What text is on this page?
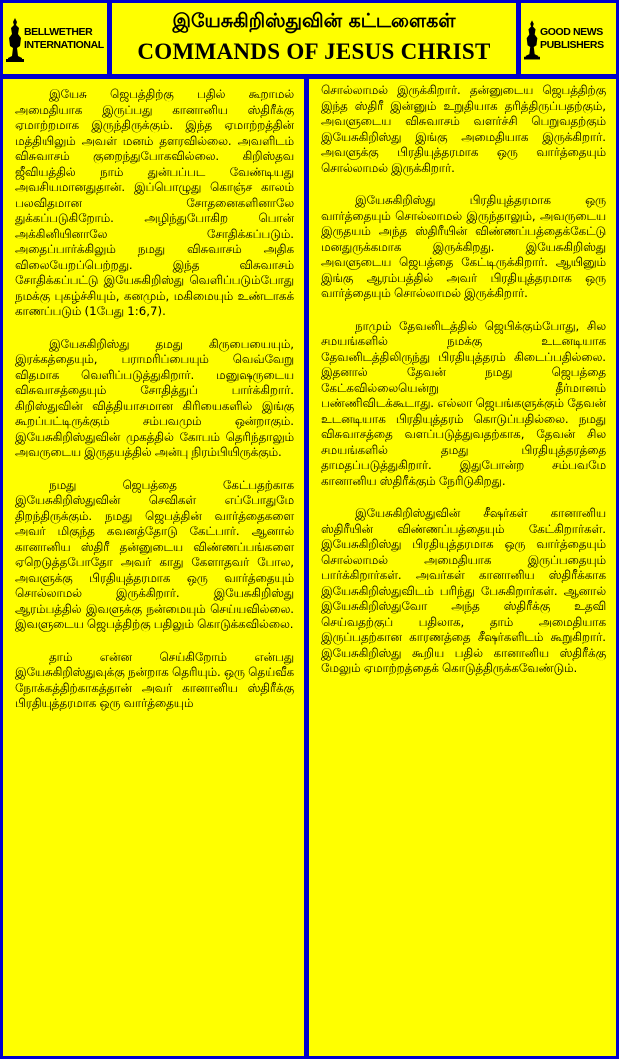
BELLWETHER
INTERNATIONAL
இயேசுகிறிஸ்துவின் கட்டளைகள்
COMMANDS OF JESUS CHRIST
GOOD NEWS
PUBLISHERS

இயேசு ஜெபத்திற்கு பதில் கூறாமல் அமைதியாக இருப்பது கானானிய ஸ்திரீக்கு ஏமாற்றமாக இருந்திருக்கும். இந்த ஏமாற்றத்தின் மத்தியிலும் அவள் மனம் தளரவில்லை. அவளிடம் விசுவாசம் குறைந்துபோகவில்லை. கிறிஸ்தவ ஜீவியத்தில் நாம் துன்பப்பட வேண்டியது அவசியமானதுதான். இப்பொழுது கொஞ்ச காலம் பலவிதமான சோதனைகளினாலே துக்கப்படுகிறோம். அழிந்துபோகிற பொன் அக்கினியினாலே சோதிக்கப்படும். அதைப்பார்க்கிலும் நமது விசுவாசம் அதிக விலையேறப்பெற்றது. இந்த விசுவாசம் சோதிக்கப்பட்டு இயேசுகிறிஸ்து வெளிப்படும்போது நமக்கு புகழ்ச்சியும், கனமும், மகிமையும் உண்டாகக் காணப்படும் (1பேது 1:6,7).

இயேசுகிறிஸ்து தமது கிருபையையும், இரக்கத்தையும், பராமரிப்பையும் வெவ்வேறு விதமாக வெளிப்படுத்துகிறார். மனுஷருடைய விசுவாசத்தையும் சோதித்துப் பார்க்கிறார். கிறிஸ்துவின் வித்தியாசமான கிரியைகளில் இங்கு கூறப்பட்டிருக்கும் சம்பவமும் ஒன்றாகும். இயேசுகிறிஸ்துவின் முகத்தில் கோபம் தெரிந்தாலும் அவருடைய இருதயத்தில் அன்பு நிரம்பியிருக்கும்.

நமது ஜெபத்தை கேட்பதற்காக இயேசுகிறிஸ்துவின் செவிகள் எப்போதுமே திறந்திருக்கும். நமது ஜெபத்தின் வார்த்தைகளை அவர் மிகுந்த கவனத்தோடு கேட்பார். ஆனால் கானானிய ஸ்திரீ தன்னுடைய விண்ணப்பங்களை ஏறெடுத்தபோதோ அவர் காது கேளாதவர் போல, அவளுக்கு பிரதியுத்தரமாக ஒரு வார்த்தையும் சொல்லாமல் இருக்கிறார். இயேசுகிறிஸ்து ஆரம்பத்தில் இவளுக்கு நன்மையும் செய்யவில்லை. இவளுடைய ஜெபத்திற்கு பதிலும் கொடுக்கவில்லை.

தாம் என்ன செய்கிறோம் என்பது இயேசுகிறிஸ்துவுக்கு நன்றாக தெரியும். ஒரு தெய்வீக நோக்கத்திற்காகத்தான் அவர் கானானிய ஸ்திரீக்கு பிரதியுத்தரமாக ஒரு வார்த்தையும்

சொல்லாமல் இருக்கிறார். தன்னுடைய ஜெபத்திற்கு இந்த ஸ்திரீ இன்னும் உறுதியாக தரித்திருப்பதற்கும், அவளுடைய விசுவாசம் வளர்ச்சி பெறுவதற்கும் இயேசுகிறிஸ்து இங்கு அமைதியாக இருக்கிறார். அவளுக்கு பிரதியுத்தரமாக ஒரு வார்த்தையும் சொல்லாமல் இருக்கிறார்.

இயேசுகிறிஸ்து பிரதியுத்தரமாக ஒரு வார்த்தையும் சொல்லாமல் இருந்தாலும், அவருடைய இருதயம் அந்த ஸ்திரீயின் விண்ணப்பத்தைக்கேட்டு மனதுருக்கமாக இருக்கிறது. இயேசுகிறிஸ்து அவளுடைய ஜெபத்தை கேட்டிருக்கிறார். ஆயினும் இங்கு ஆரம்பத்தில் அவர் பிரதியுத்தரமாக ஒரு வார்த்தையும் சொல்லாமல் இருக்கிறார்.

நாமும் தேவனிடத்தில் ஜெபிக்கும்போது, சில சமயங்களில் நமக்கு உடனடியாக தேவனிடத்திலிருந்து பிரதியுத்தரம் கிடைப்பதில்லை. இதனால் தேவன் நமது ஜெபத்தை கேட்கவில்லையென்று தீர்மானம் பண்ணிவிடக்கூடாது. எல்லா ஜெபங்களுக்கும் தேவன் உடனடியாக பிரதியுத்தரம் கொடுப்பதில்லை. நமது விசுவாசத்தை வளப்படுத்துவதற்காக, தேவன் சில சமயங்களில் தமது பிரதியுத்தரத்தை தாமதப்படுத்துகிறார். இதுபோன்ற சம்பவமே கானானிய ஸ்திரீக்கும் நேரிடுகிறது.

இயேசுகிறிஸ்துவின் சீஷர்கள் கானானிய ஸ்திரீயின் விண்ணப்பத்தையும் கேட்கிறார்கள். இயேசுகிறிஸ்து பிரதியுத்தரமாக ஒரு வார்த்தையும் சொல்லாமல் அமைதியாக இருப்பதையும் பார்க்கிறார்கள். அவர்கள் கானானிய ஸ்திரீக்காக இயேசுகிறிஸ்துவிடம் பரிந்து பேசுகிறார்கள். ஆனால் இயேசுகிறிஸ்துவோ அந்த ஸ்திரீக்கு உதவி செய்வதற்குப் பதிலாக, தாம் அமைதியாக இருப்பதற்கான காரணத்தை சீஷர்களிடம் கூறுகிறார். இயேசுகிறிஸ்து கூறிய பதில் கானானிய ஸ்திரீக்கு மேலும் ஏமாற்றத்தைக் கொடுத்திருக்கவேண்டும்.
